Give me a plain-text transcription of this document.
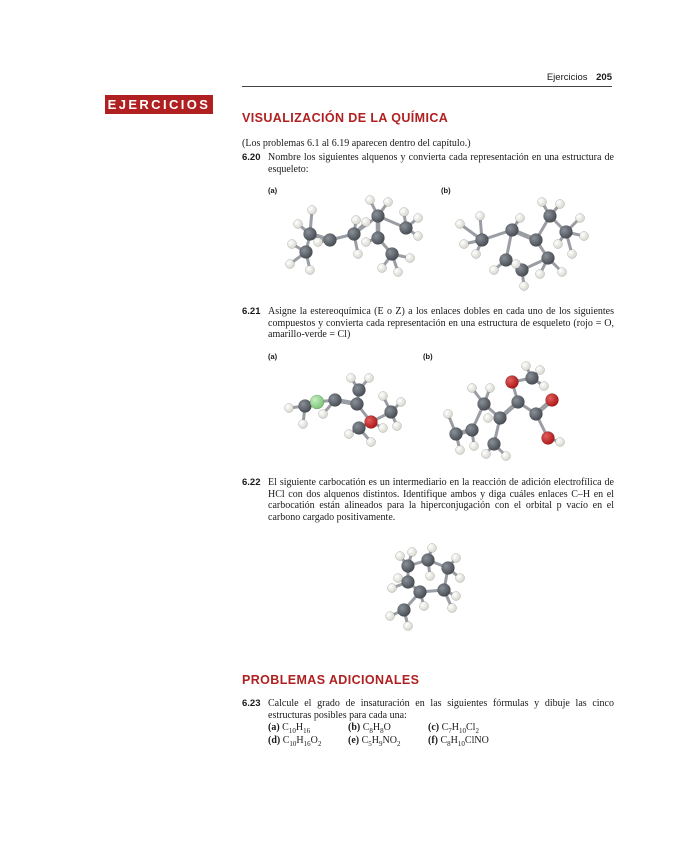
Ejercicios 205
EJERCICIOS
VISUALIZACIÓN DE LA QUÍMICA
(Los problemas 6.1 al 6.19 aparecen dentro del capítulo.)
6.20 Nombre los siguientes alquenos y convierta cada representación en una estructura de esqueleto:
(a)	(b)
6.21 Asigne la estereoquímica (E o Z) a los enlaces dobles en cada uno de los siguientes compuestos y convierta cada representación en una estructura de esqueleto (rojo = O, amarillo-verde = Cl)
(a)	(b)
6.22 El siguiente carbocatión es un intermediario en la reacción de adición electrofílica de HCl con dos alquenos distintos. Identifique ambos y diga cuáles enlaces C–H en el carbocatión están alineados para la hiperconjugación con el orbital p vacío en el carbono cargado positivamente.
PROBLEMAS ADICIONALES
6.23 Calcule el grado de insaturación en las siguientes fórmulas y dibuje las cinco estructuras posibles para cada una:
(a) $C_{10}H_{16}$	(b) $C_8H_8O$	(c) $C_7H_{10}Cl_2$
(d) $C_{10}H_{16}O_2$	(e) $C_5H_9NO_2$	(f) $C_8H_{10}ClNO$
